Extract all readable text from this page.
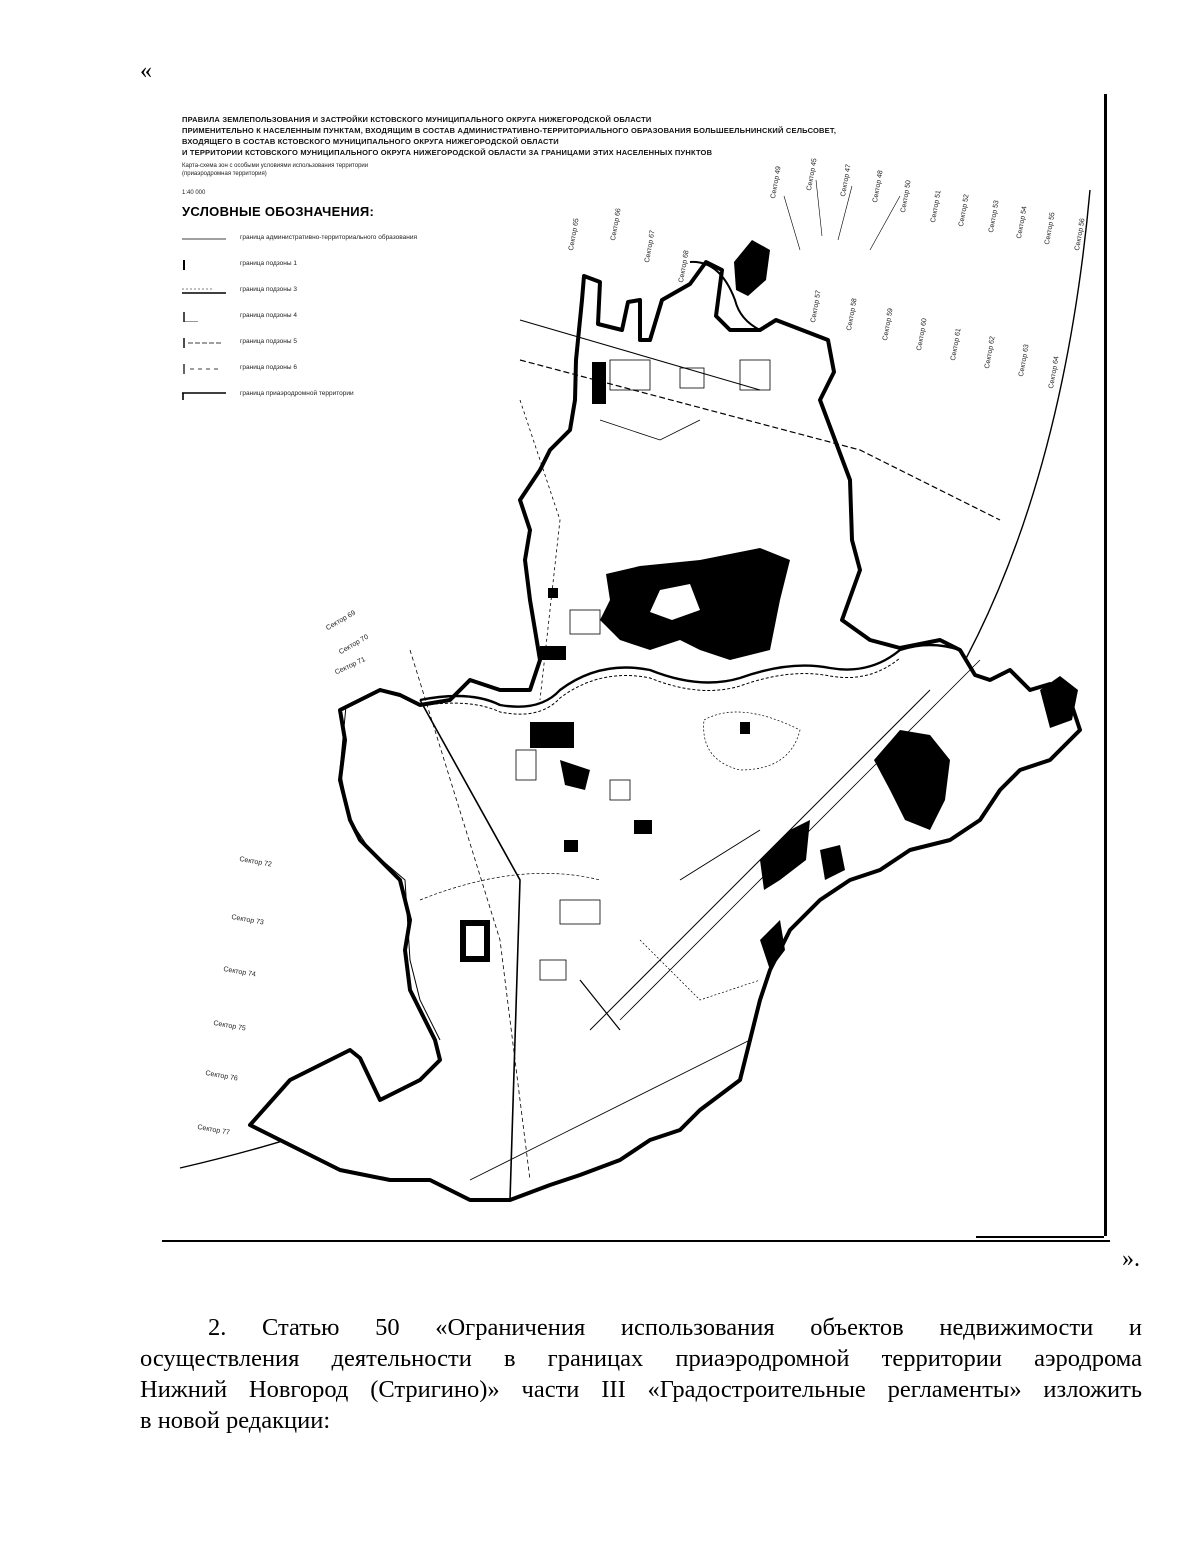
«
ПРАВИЛА ЗЕМЛЕПОЛЬЗОВАНИЯ И ЗАСТРОЙКИ КСТОВСКОГО МУНИЦИПАЛЬНОГО ОКРУГА НИЖЕГОРОДСКОЙ ОБЛАСТИ
ПРИМЕНИТЕЛЬНО К НАСЕЛЕННЫМ ПУНКТАМ, ВХОДЯЩИМ В СОСТАВ АДМИНИСТРАТИВНО-ТЕРРИТОРИАЛЬНОГО ОБРАЗОВАНИЯ БОЛЬШЕЕЛЬНИНСКИЙ СЕЛЬСОВЕТ,
ВХОДЯЩЕГО В СОСТАВ КСТОВСКОГО МУНИЦИПАЛЬНОГО ОКРУГА НИЖЕГОРОДСКОЙ ОБЛАСТИ
И ТЕРРИТОРИИ КСТОВСКОГО МУНИЦИПАЛЬНОГО ОКРУГА НИЖЕГОРОДСКОЙ ОБЛАСТИ ЗА ГРАНИЦАМИ ЭТИХ НАСЕЛЕННЫХ ПУНКТОВ
Карта-схема зон с особыми условиями использования территории
(приаэродромная территория)
1:40 000
УСЛОВНЫЕ ОБОЗНАЧЕНИЯ:
граница административно-территориального образования
граница подзоны 1
граница подзоны 3
граница подзоны 4
граница подзоны 5
граница подзоны 6
граница приаэродромной территории
Сектор 49	Сектор 45	Сектор 47	Сектор 48 Сектор 50 Сектор 51 Сектор 52 Сектор 53 Сектор 54 Сектор 55 Сектор 56
Сектор 57	Сектор 58	Сектор 59	Сектор 60	Сектор 61	Сектор 62	Сектор 63 Сектор 64
Сектор 65	Сектор 66
Сектор 67
Сектор 68
Сектор 69
Сектор 70
Сектор 71
Сектор 72
Сектор 73
Сектор 74
Сектор 75
Сектор 76
Сектор 77
».
2. Статью 50 «Ограничения использования объектов недвижимости и
осуществления деятельности в границах приаэродромной территории аэродрома
Нижний Новгород (Стригино)» части III «Градостроительные регламенты» изложить
в новой редакции:
